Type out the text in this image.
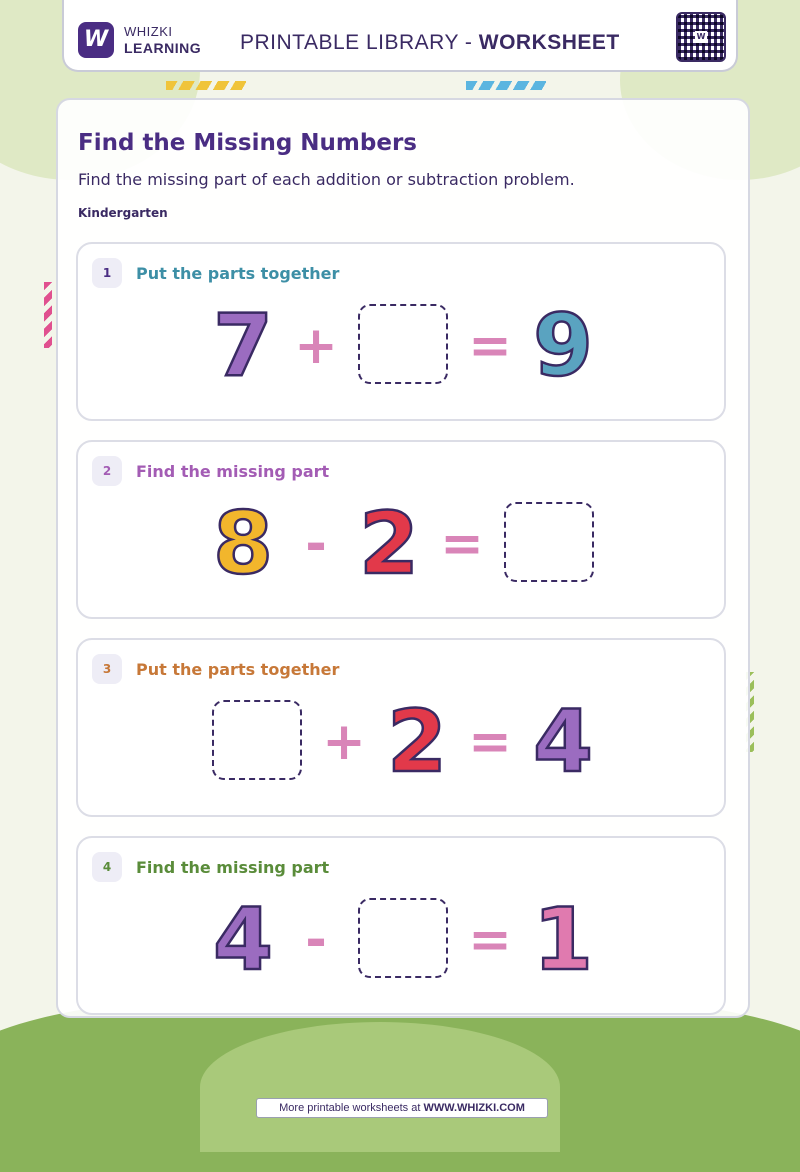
W	WHIZKI
LEARNING PRINTABLE LIBRARY - WORKSHEET	W
Find the Missing Numbers
Find the missing part of each addition or subtraction problem.
Kindergarten
1	Put the parts together
7 +	= 9
2	Find the missing part
8 - 2 =
3	Put the parts together
+ 2 = 4
4	Find the missing part
4 -	= 1
More printable worksheets at WWW.WHIZKI.COM
